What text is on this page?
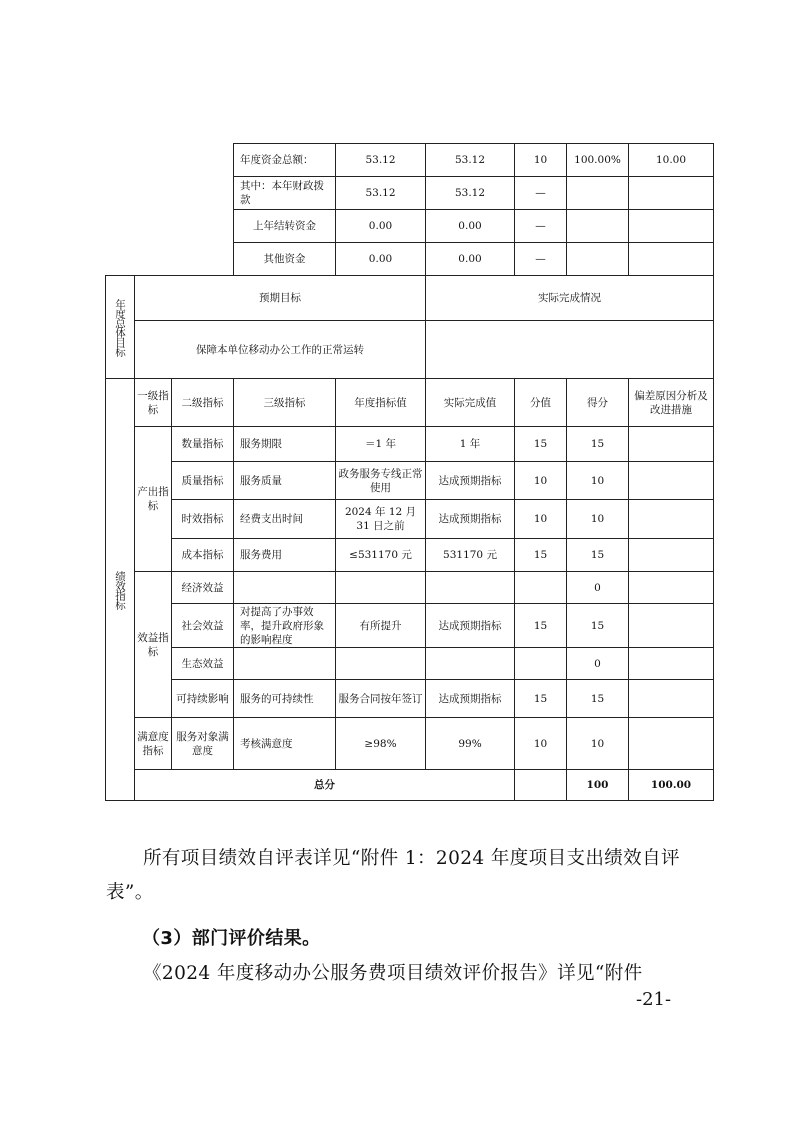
			年度资金总额：	53.12	53.12	10	100.00%	10.00	
			其中：本年财政拨款	53.12	53.12	—			
			上年结转资金	0.00	0.00	—			
			其他资金	0.00	0.00	—			
年度总体目标	预期目标				实际完成情况				
	保障本单位移动办公工作的正常运转								
绩效指标	一级指标	二级指标	三级指标	年度指标值	实际完成值	分值	得分	偏差原因分析及改进措施	
	产出指标	数量指标	服务期限	＝1 年	1 年	15	15		
		质量指标	服务质量	政务服务专线正常使用	达成预期指标	10	10		
		时效指标	经费支出时间	2024 年 12 月 31 日之前	达成预期指标	10	10		
		成本指标	服务费用	≤531170 元	531170 元	15	15		
	效益指标	经济效益					0		
		社会效益	对提高了办事效率，提升政府形象的影响程度	有所提升	达成预期指标	15	15		
		生态效益					0		
		可持续影响	服务的可持续性	服务合同按年签订	达成预期指标	15	15		
	满意度指标	服务对象满意度	考核满意度	≥98%	99%	10	10		
	总分						100	100.00	

所有项目绩效自评表详见“附件 1：2024 年度项目支出绩效自评表”。

（3）部门评价结果。

《2024 年度移动办公服务费项目绩效评价报告》详见“附件

-21-
